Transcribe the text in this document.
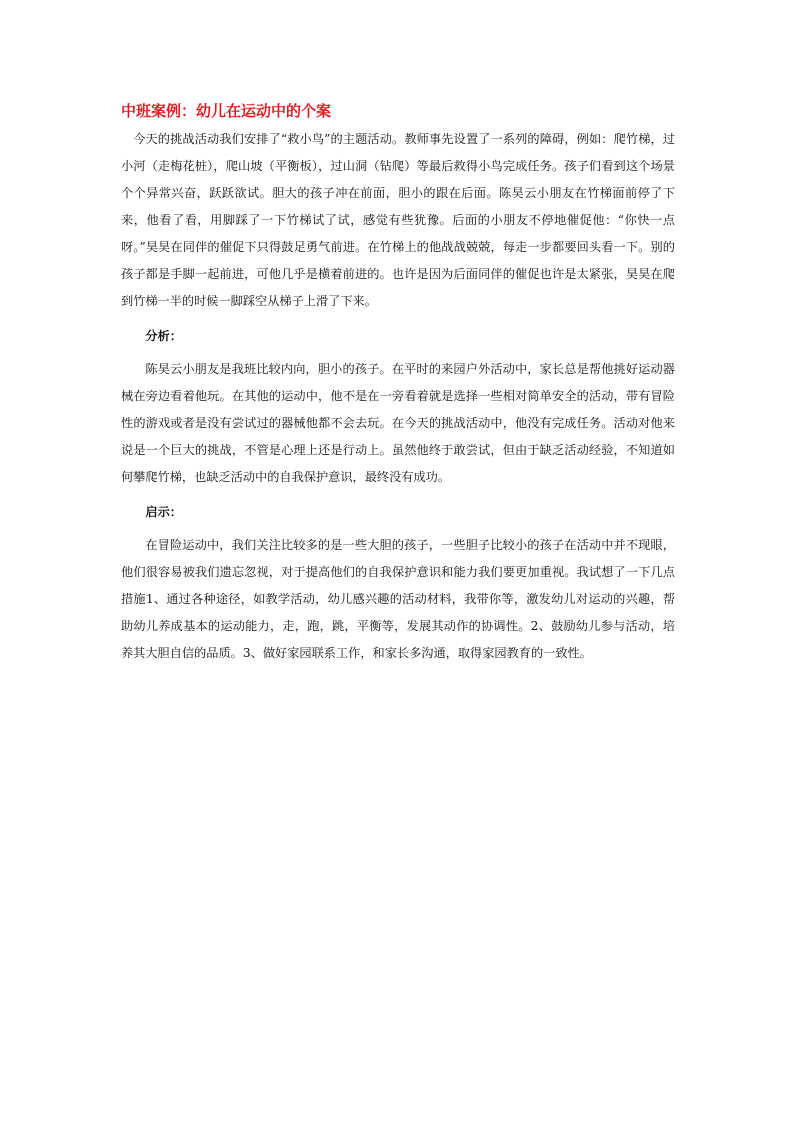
中班案例：幼儿在运动中的个案

今天的挑战活动我们安排了“救小鸟”的主题活动。教师事先设置了一系列的障碍，例如：爬竹梯，过小河（走梅花桩），爬山坡（平衡板），过山洞（钻爬）等最后救得小鸟完成任务。孩子们看到这个场景个个异常兴奋，跃跃欲试。胆大的孩子冲在前面，胆小的跟在后面。陈昊云小朋友在竹梯面前停了下来，他看了看，用脚踩了一下竹梯试了试，感觉有些犹豫。后面的小朋友不停地催促他：“你快一点呀。”昊昊在同伴的催促下只得鼓足勇气前进。在竹梯上的他战战兢兢，每走一步都要回头看一下。别的孩子都是手脚一起前进，可他几乎是横着前进的。也许是因为后面同伴的催促也许是太紧张，昊昊在爬到竹梯一半的时候一脚踩空从梯子上滑了下来。

分析：

陈昊云小朋友是我班比较内向，胆小的孩子。在平时的来园户外活动中，家长总是帮他挑好运动器械在旁边看着他玩。在其他的运动中，他不是在一旁看着就是选择一些相对简单安全的活动，带有冒险性的游戏或者是没有尝试过的器械他都不会去玩。在今天的挑战活动中，他没有完成任务。活动对他来说是一个巨大的挑战，不管是心理上还是行动上。虽然他终于敢尝试，但由于缺乏活动经验，不知道如何攀爬竹梯，也缺乏活动中的自我保护意识，最终没有成功。

启示：

在冒险运动中，我们关注比较多的是一些大胆的孩子，一些胆子比较小的孩子在活动中并不现眼，他们很容易被我们遗忘忽视，对于提高他们的自我保护意识和能力我们要更加重视。我试想了一下几点措施1、通过各种途径，如教学活动，幼儿感兴趣的活动材料，我带你等，激发幼儿对运动的兴趣，帮助幼儿养成基本的运动能力，走，跑，跳，平衡等，发展其动作的协调性。2、鼓励幼儿参与活动，培养其大胆自信的品质。3、做好家园联系工作，和家长多沟通，取得家园教育的一致性。
